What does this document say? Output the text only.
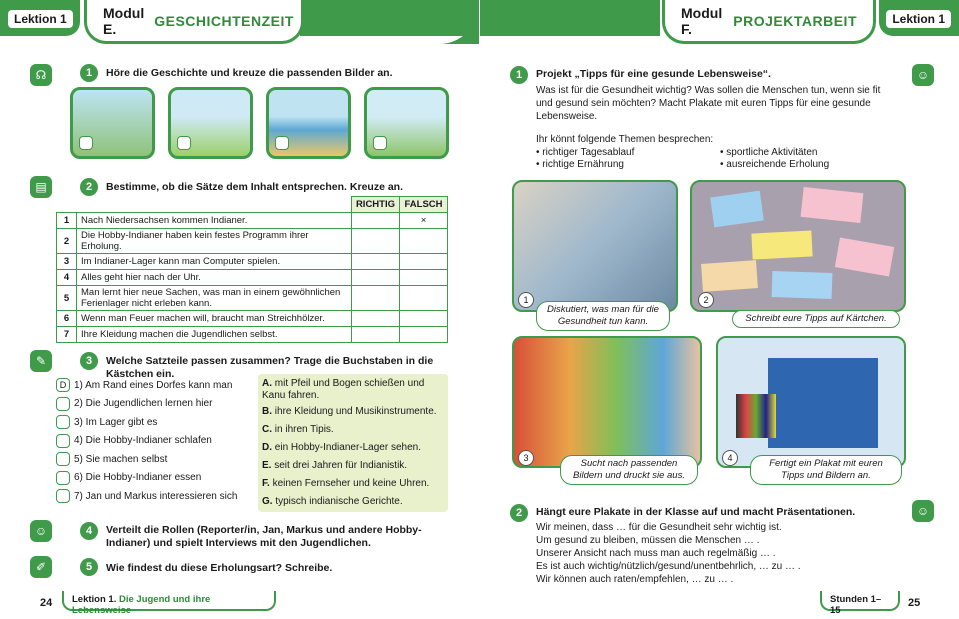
Lektion 1	Modul E.	GESCHICHTENZEIT
☊	1	Höre die Geschichte und kreuze die passenden Bilder an.
▤	2	Bestimme, ob die Sätze dem Inhalt entsprechen. Kreuze an.
		RICHTIG	FALSCH
1	Nach Niedersachsen kommen Indianer.		×
2	Die Hobby-Indianer haben kein festes Programm ihrer Erholung.		
3	Im Indianer-Lager kann man Computer spielen.		
4	Alles geht hier nach der Uhr.		
5	Man lernt hier neue Sachen, was man in einem gewöhnlichen Ferienlager nicht erleben kann.		
6	Wenn man Feuer machen will, braucht man Streichhölzer.		
7	Ihre Kleidung machen die Jugendlichen selbst.		
✎	3	Welche Satzteile passen zusammen? Trage die Buchstaben in die Kästchen ein.
D 1) Am Rand eines Dorfes kann man
2) Die Jugendlichen lernen hier
3) Im Lager gibt es
4) Die Hobby-Indianer schlafen
5) Sie machen selbst
6) Die Hobby-Indianer essen
7) Jan und Markus interessieren sich
A. mit Pfeil und Bogen schießen und Kanu fahren.
B. ihre Kleidung und Musikinstrumente.
C. in ihren Tipis.
D. ein Hobby-Indianer-Lager sehen.
E. seit drei Jahren für Indianistik.
F. keinen Fernseher und keine Uhren.
G. typisch indianische Gerichte.
☺	4	Verteilt die Rollen (Reporter/in, Jan, Markus und andere Hobby-Indianer) und spielt Interviews mit den Jugendlichen.
✐	5	Wie findest du diese Erholungsart? Schreibe.
24	Lektion 1. Die Jugend und ihre Lebensweise
Modul F.	PROJEKTARBEIT	Lektion 1
1	☺
Projekt „Tipps für eine gesunde Lebensweise“.
Was ist für die Gesundheit wichtig? Was sollen die Menschen tun, wenn sie fit und gesund sein möchten? Macht Plakate mit euren Tipps für eine gesunde Lebensweise.
Ihr könnt folgende Themen besprechen:
• richtiger Tagesablauf	• sportliche Aktivitäten
• richtige Ernährung	• ausreichende Erholung
1
Diskutiert, was man für die Gesundheit tun kann.
2
Schreibt eure Tipps auf Kärtchen.
3	Sucht nach passenden Bildern und druckt sie aus.
4	Fertigt ein Plakat mit euren Tipps und Bildern an.
2	☺
Hängt eure Plakate in der Klasse auf und macht Präsentationen.
Wir meinen, dass … für die Gesundheit sehr wichtig ist.
Um gesund zu bleiben, müssen die Menschen … .
Unserer Ansicht nach muss man auch regelmäßig … .
Es ist auch wichtig/nützlich/gesund/unentbehrlich, … zu … .
Wir können auch raten/empfehlen, … zu … .
Stunden 1–15
25
